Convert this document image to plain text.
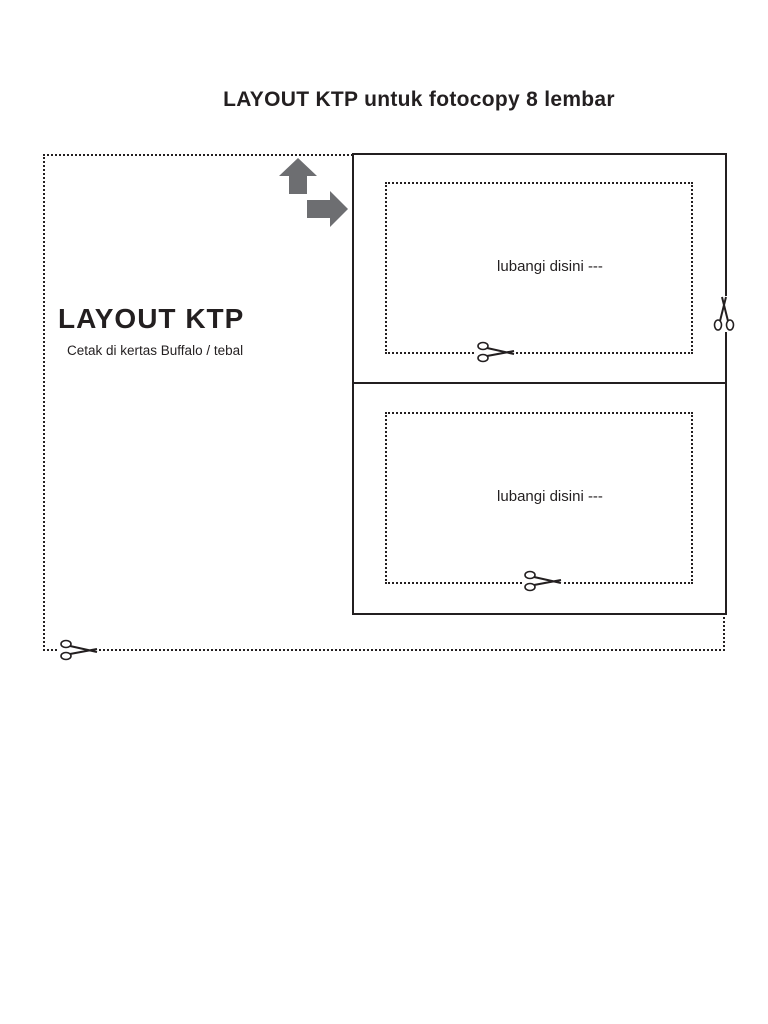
LAYOUT KTP untuk fotocopy 8 lembar
LAYOUT KTP
Cetak di kertas Buffalo / tebal
lubangi disini ---
lubangi disini ---
